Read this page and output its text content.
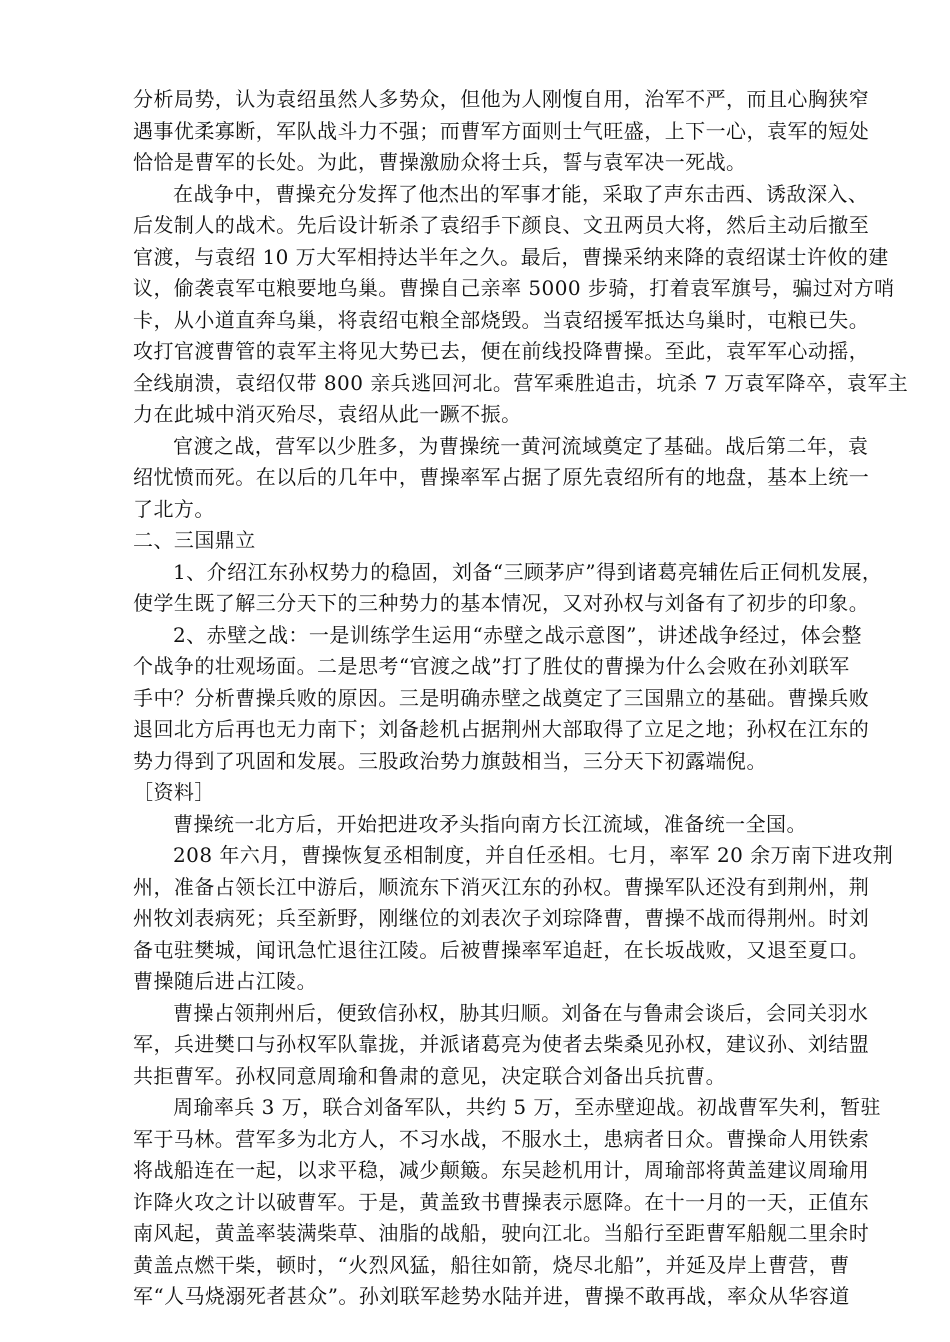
分析局势，认为袁绍虽然人多势众，但他为人刚愎自用，治军不严，而且心胸狭窄
遇事优柔寡断，军队战斗力不强；而曹军方面则士气旺盛，上下一心，袁军的短处
恰恰是曹军的长处。为此，曹操激励众将士兵，誓与袁军决一死战。
在战争中，曹操充分发挥了他杰出的军事才能，采取了声东击西、诱敌深入、
后发制人的战术。先后设计斩杀了袁绍手下颜良、文丑两员大将，然后主动后撤至
官渡，与袁绍 10 万大军相持达半年之久。最后，曹操采纳来降的袁绍谋士许攸的建
议，偷袭袁军屯粮要地乌巢。曹操自己亲率 5000 步骑，打着袁军旗号，骗过对方哨
卡，从小道直奔乌巢，将袁绍屯粮全部烧毁。当袁绍援军抵达乌巢时，屯粮已失。
攻打官渡曹管的袁军主将见大势已去，便在前线投降曹操。至此，袁军军心动摇，
全线崩溃，袁绍仅带 800 亲兵逃回河北。营军乘胜追击，坑杀 7 万袁军降卒，袁军主
力在此城中消灭殆尽，袁绍从此一蹶不振。
官渡之战，营军以少胜多，为曹操统一黄河流域奠定了基础。战后第二年，袁
绍忧愤而死。在以后的几年中，曹操率军占据了原先袁绍所有的地盘，基本上统一
了北方。
二、三国鼎立
1、介绍江东孙权势力的稳固，刘备“三顾茅庐”得到诸葛亮辅佐后正伺机发展，
使学生既了解三分天下的三种势力的基本情况，又对孙权与刘备有了初步的印象。
2、赤壁之战：一是训练学生运用“赤壁之战示意图”，讲述战争经过，体会整
个战争的壮观场面。二是思考“官渡之战”打了胜仗的曹操为什么会败在孙刘联军
手中？分析曹操兵败的原因。三是明确赤壁之战奠定了三国鼎立的基础。曹操兵败
退回北方后再也无力南下；刘备趁机占据荆州大部取得了立足之地；孙权在江东的
势力得到了巩固和发展。三股政治势力旗鼓相当，三分天下初露端倪。
［资料］
曹操统一北方后，开始把进攻矛头指向南方长江流域，准备统一全国。
208 年六月，曹操恢复丞相制度，并自任丞相。七月，率军 20 余万南下进攻荆
州，准备占领长江中游后，顺流东下消灭江东的孙权。曹操军队还没有到荆州，荆
州牧刘表病死；兵至新野，刚继位的刘表次子刘琮降曹，曹操不战而得荆州。时刘
备屯驻樊城，闻讯急忙退往江陵。后被曹操率军追赶，在长坂战败，又退至夏口。
曹操随后进占江陵。
曹操占领荆州后，便致信孙权，胁其归顺。刘备在与鲁肃会谈后，会同关羽水
军，兵进樊口与孙权军队靠拢，并派诸葛亮为使者去柴桑见孙权，建议孙、刘结盟
共拒曹军。孙权同意周瑜和鲁肃的意见，决定联合刘备出兵抗曹。
周瑜率兵 3 万，联合刘备军队，共约 5 万，至赤壁迎战。初战曹军失利，暂驻
军于马林。营军多为北方人，不习水战，不服水土，患病者日众。曹操命人用铁索
将战船连在一起，以求平稳，减少颠簸。东吴趁机用计，周瑜部将黄盖建议周瑜用
诈降火攻之计以破曹军。于是，黄盖致书曹操表示愿降。在十一月的一天，正值东
南风起，黄盖率装满柴草、油脂的战船，驶向江北。当船行至距曹军船舰二里余时
黄盖点燃干柴，顿时，“火烈风猛，船往如箭，烧尽北船”，并延及岸上曹营，曹
军“人马烧溺死者甚众”。孙刘联军趁势水陆并进，曹操不敢再战，率众从华容道
